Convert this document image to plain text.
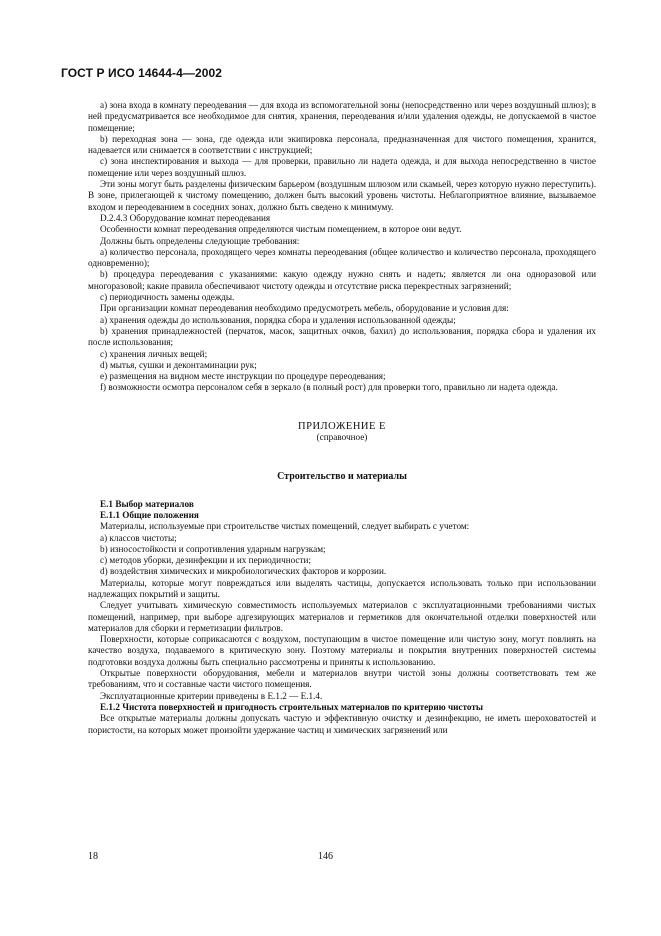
ГОСТ Р ИСО 14644-4—2002

а) зона входа в комнату переодевания — для входа из вспомогательной зоны (непосредственно или через воздушный шлюз); в ней предусматривается все необходимое для снятия, хранения, переодевания и/или удаления одежды, не допускаемой в чистое помещение;

b) переходная зона — зона, где одежда или экипировка персонала, предназначенная для чистого помещения, хранится, надевается или снимается в соответствии с инструкцией;

с) зона инспектирования и выхода — для проверки, правильно ли надета одежда, и для выхода непосредственно в чистое помещение или через воздушный шлюз.

Эти зоны могут быть разделены физическим барьером (воздушным шлюзом или скамьей, через которую нужно переступить). В зоне, прилегающей к чистому помещению, должен быть высокий уровень чистоты. Неблагоприятное влияние, вызываемое входом и переодеванием в соседних зонах, должно быть сведено к минимуму.

D.2.4.3 Оборудование комнат переодевания

Особенности комнат переодевания определяются чистым помещением, в которое они ведут.

Должны быть определены следующие требования:

а) количество персонала, проходящего через комнаты переодевания (общее количество и количество персонала, проходящего одновременно);

b) процедура переодевания с указаниями: какую одежду нужно снять и надеть; является ли она одноразовой или многоразовой; какие правила обеспечивают чистоту одежды и отсутствие риска перекрестных загрязнений;

с) периодичность замены одежды.

При организации комнат переодевания необходимо предусмотреть мебель, оборудование и условия для:

а) хранения одежды до использования, порядка сбора и удаления использованной одежды;

b) хранения принадлежностей (перчаток, масок, защитных очков, бахил) до использования, порядка сбора и удаления их после использования;

с) хранения личных вещей;

d) мытья, сушки и деконтаминации рук;

е) размещения на видном месте инструкции по процедуре переодевания;

f) возможности осмотра персоналом себя в зеркало (в полный рост) для проверки того, правильно ли надета одежда.

ПРИЛОЖЕНИЕ Е

(справочное)

Строительство и материалы

Е.1 Выбор материалов

Е.1.1 Общие положения

Материалы, используемые при строительстве чистых помещений, следует выбирать с учетом:

а) классов чистоты;

b) износостойкости и сопротивления ударным нагрузкам;

с) методов уборки, дезинфекции и их периодичности;

d) воздействия химических и микробиологических факторов и коррозии.

Материалы, которые могут повреждаться или выделять частицы, допускается использовать только при использовании надлежащих покрытий и защиты.

Следует учитывать химическую совместимость используемых материалов с эксплуатационными требованиями чистых помещений, например, при выборе адгезирующих материалов и герметиков для окончательной отделки поверхностей или материалов для сборки и герметизации фильтров.

Поверхности, которые соприкасаются с воздухом, поступающим в чистое помещение или чистую зону, могут повлиять на качество воздуха, подаваемого в критическую зону. Поэтому материалы и покрытия внутренних поверхностей системы подготовки воздуха должны быть специально рассмотрены и приняты к использованию.

Открытые поверхности оборудования, мебели и материалов внутри чистой зоны должны соответствовать тем же требованиям, что и составные части чистого помещения.

Эксплуатационные критерии приведены в Е.1.2 — Е.1.4.

Е.1.2 Чистота поверхностей и пригодность строительных материалов по критерию чистоты

Все открытые материалы должны допускать частую и эффективную очистку и дезинфекцию, не иметь шероховатостей и пористости, на которых может произойти удержание частиц и химических загрязнений или

18	146
